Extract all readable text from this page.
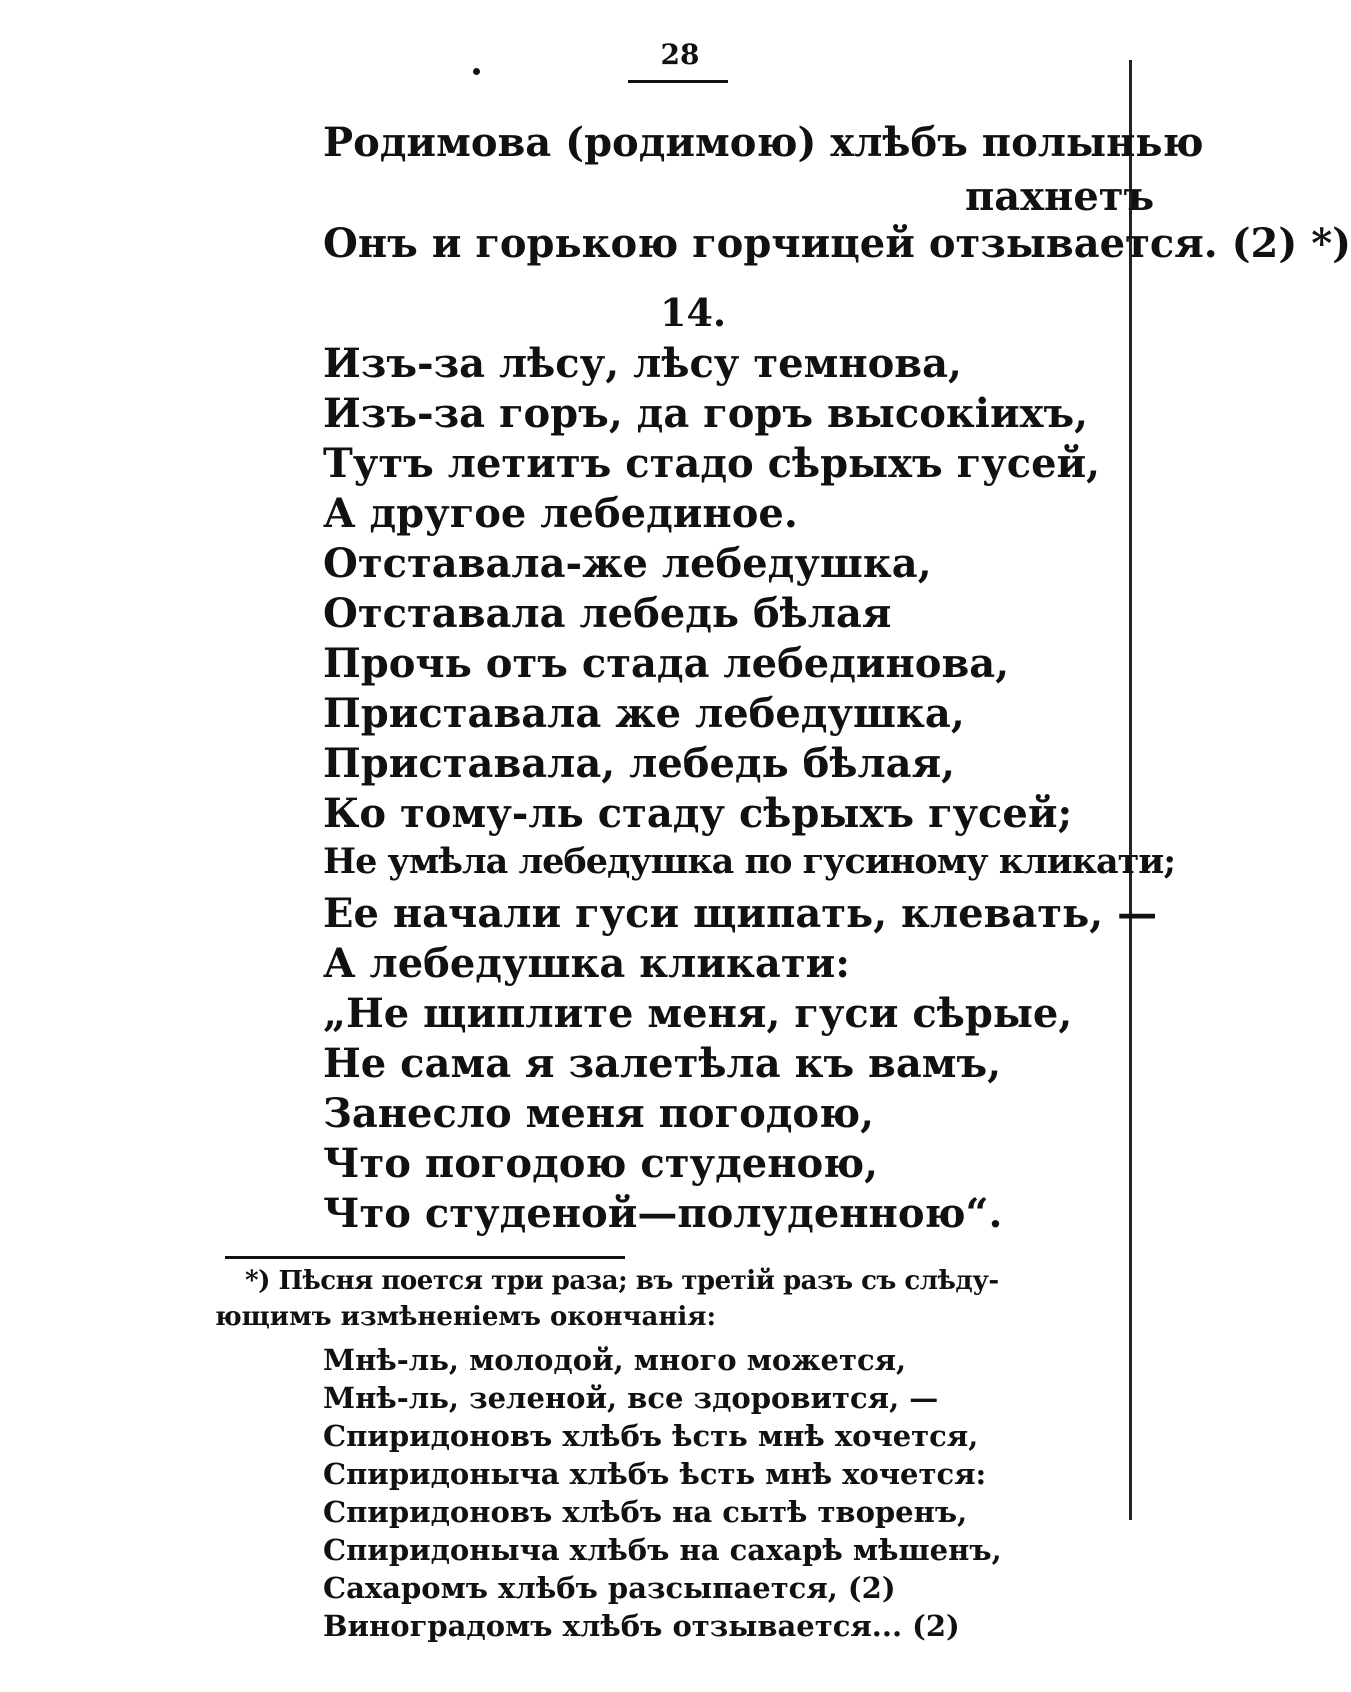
28
Родимова (родимою) хлѣбъ полынью
пахнетъ
Онъ и горькою горчицей отзывается. (2) *)
14.
Изъ-за лѣсу, лѣсу темнова,
Изъ-за горъ, да горъ высокiихъ,
Тутъ летитъ стадо сѣрыхъ гусей,
А другое лебединое.
Отставала-же лебедушка,
Отставала лебедь бѣлая
Прочь отъ стада лебединова,
Приставала же лебедушка,
Приставала, лебедь бѣлая,
Ко тому-ль стаду сѣрыхъ гусей;
Не умѣла лебедушка по гусиному кликати;
Ее начали гуси щипать, клевать, —
А лебедушка кликати:
„Не щиплите меня, гуси сѣрые,
Не сама я залетѣла къ вамъ,
Занесло меня погодою,
Что погодою студеною,
Что студеной—полуденною“.
*) Пѣсня поется три раза; въ третiй разъ съ слѣду-
ющимъ измѣненiемъ окончанiя:
Мнѣ-ль, молодой, много можется,
Мнѣ-ль, зеленой, все здоровится, —
Спиридоновъ хлѣбъ ѣсть мнѣ хочется,
Спиридоныча хлѣбъ ѣсть мнѣ хочется:
Спиридоновъ хлѣбъ на сытѣ творенъ,
Спиридоныча хлѣбъ на сахарѣ мѣшенъ,
Сахаромъ хлѣбъ разсыпается, (2)
Виноградомъ хлѣбъ отзывается... (2)
